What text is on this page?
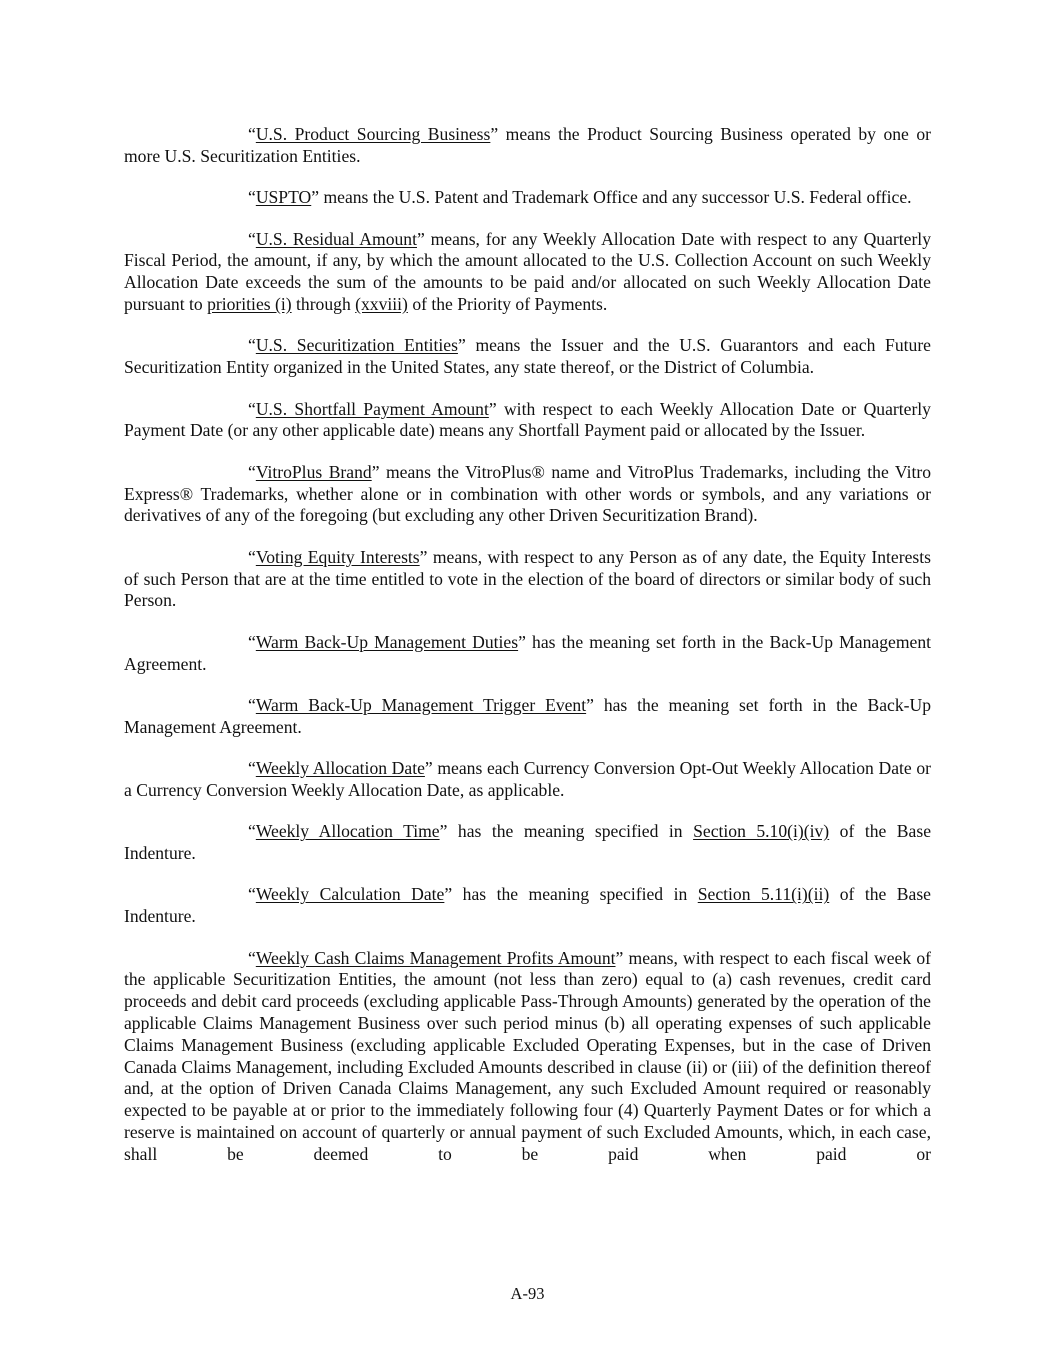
“U.S. Product Sourcing Business” means the Product Sourcing Business operated by one or more U.S. Securitization Entities.

“USPTO” means the U.S. Patent and Trademark Office and any successor U.S. Federal office.

“U.S. Residual Amount” means, for any Weekly Allocation Date with respect to any Quarterly Fiscal Period, the amount, if any, by which the amount allocated to the U.S. Collection Account on such Weekly Allocation Date exceeds the sum of the amounts to be paid and/or allocated on such Weekly Allocation Date pursuant to priorities (i) through (xxviii) of the Priority of Payments.

“U.S. Securitization Entities” means the Issuer and the U.S. Guarantors and each Future Securitization Entity organized in the United States, any state thereof, or the District of Columbia.

“U.S. Shortfall Payment Amount” with respect to each Weekly Allocation Date or Quarterly Payment Date (or any other applicable date) means any Shortfall Payment paid or allocated by the Issuer.

“VitroPlus Brand” means the VitroPlus® name and VitroPlus Trademarks, including the Vitro Express® Trademarks, whether alone or in combination with other words or symbols, and any variations or derivatives of any of the foregoing (but excluding any other Driven Securitization Brand).

“Voting Equity Interests” means, with respect to any Person as of any date, the Equity Interests of such Person that are at the time entitled to vote in the election of the board of directors or similar body of such Person.

“Warm Back-Up Management Duties” has the meaning set forth in the Back-Up Management Agreement.

“Warm Back-Up Management Trigger Event” has the meaning set forth in the Back-Up Management Agreement.

“Weekly Allocation Date” means each Currency Conversion Opt-Out Weekly Allocation Date or a Currency Conversion Weekly Allocation Date, as applicable.

“Weekly Allocation Time” has the meaning specified in Section 5.10(i)(iv) of the Base Indenture.

“Weekly Calculation Date” has the meaning specified in Section 5.11(i)(ii) of the Base Indenture.

“Weekly Cash Claims Management Profits Amount” means, with respect to each fiscal week of the applicable Securitization Entities, the amount (not less than zero) equal to (a) cash revenues, credit card proceeds and debit card proceeds (excluding applicable Pass-Through Amounts) generated by the operation of the applicable Claims Management Business over such period minus (b) all operating expenses of such applicable Claims Management Business (excluding applicable Excluded Operating Expenses, but in the case of Driven Canada Claims Management, including Excluded Amounts described in clause (ii) or (iii) of the definition thereof and, at the option of Driven Canada Claims Management, any such Excluded Amount required or reasonably expected to be payable at or prior to the immediately following four (4) Quarterly Payment Dates or for which a reserve is maintained on account of quarterly or annual payment of such Excluded Amounts, which, in each case, shall be deemed to be paid when paid or

A-93
